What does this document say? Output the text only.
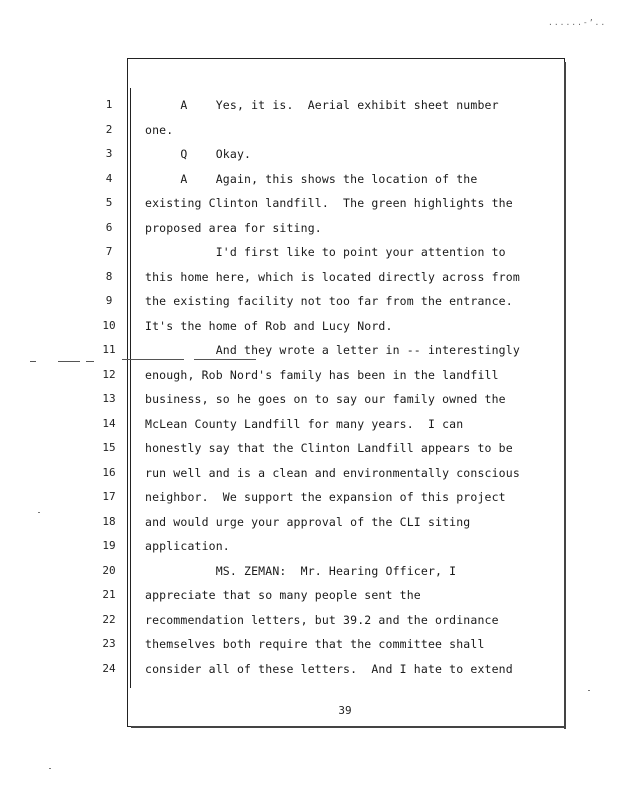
......-’..
1	A    Yes, it is.  Aerial exhibit sheet number
2	one.
3	Q    Okay.
4	A    Again, this shows the location of the
5	existing Clinton landfill.  The green highlights the
6	proposed area for siting.
7	I'd first like to point your attention to
8	this home here, which is located directly across from
9	the existing facility not too far from the entrance.
10	It's the home of Rob and Lucy Nord.
11	And they wrote a letter in -- interestingly
12	enough, Rob Nord's family has been in the landfill
13	business, so he goes on to say our family owned the
14	McLean County Landfill for many years.  I can
15	honestly say that the Clinton Landfill appears to be
16	run well and is a clean and environmentally conscious
17	neighbor.  We support the expansion of this project
18	and would urge your approval of the CLI siting
19	application.
20	MS. ZEMAN:  Mr. Hearing Officer, I
21	appreciate that so many people sent the
22	recommendation letters, but 39.2 and the ordinance
23	themselves both require that the committee shall
24	consider all of these letters.  And I hate to extend
39
